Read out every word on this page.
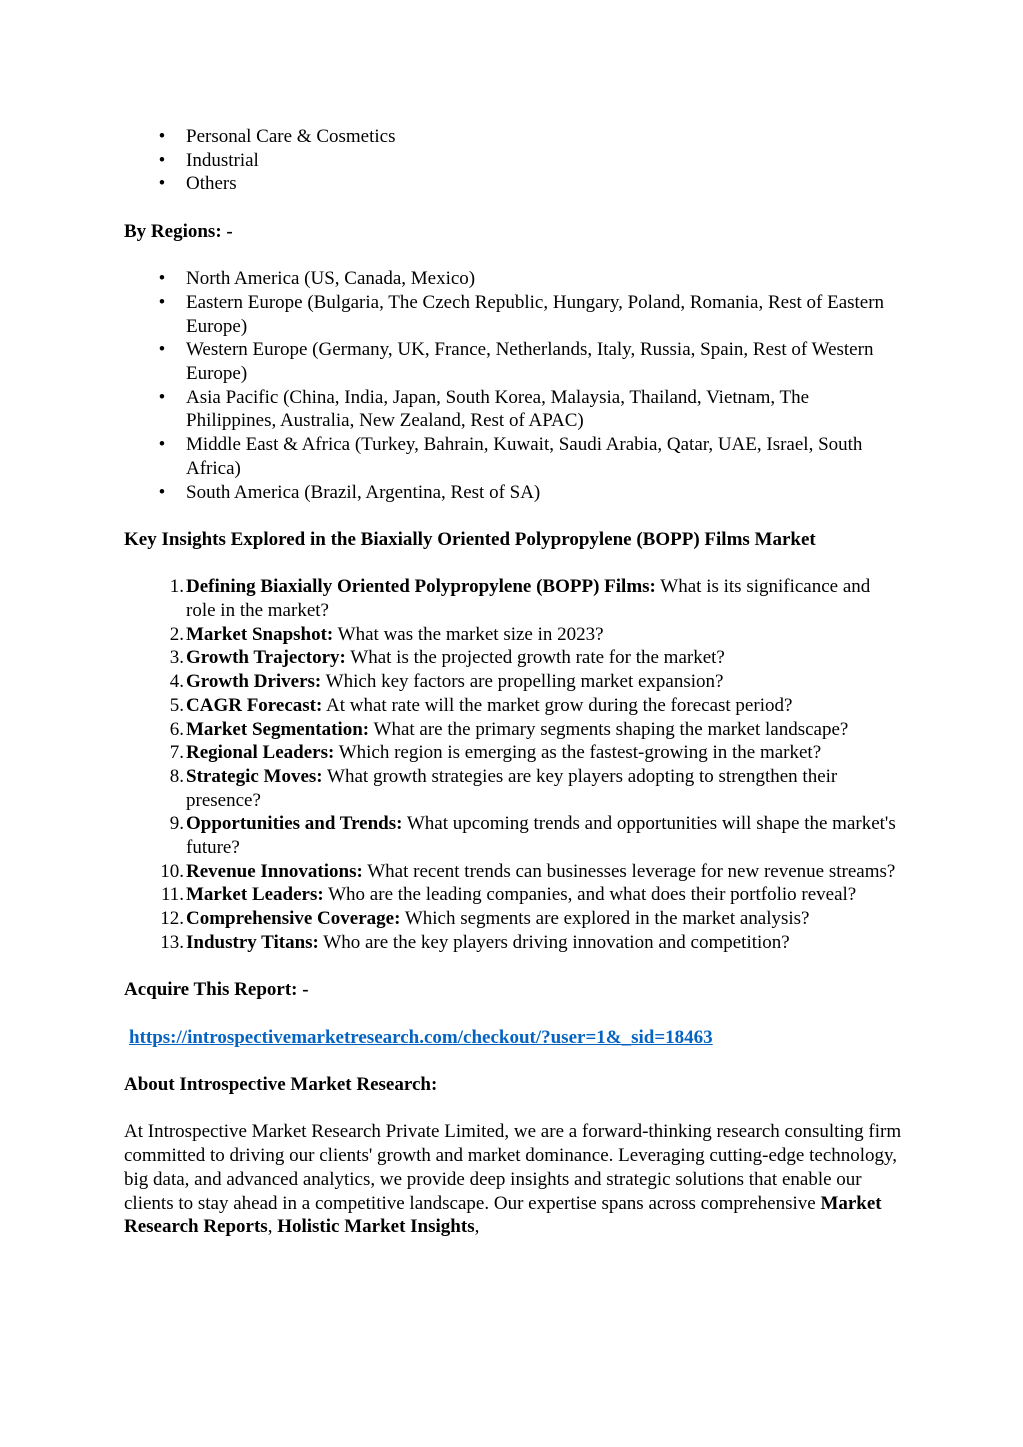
• Personal Care & Cosmetics
• Industrial
• Others

By Regions: -

• North America (US, Canada, Mexico)
• Eastern Europe (Bulgaria, The Czech Republic, Hungary, Poland, Romania, Rest of Eastern Europe)
• Western Europe (Germany, UK, France, Netherlands, Italy, Russia, Spain, Rest of Western Europe)
• Asia Pacific (China, India, Japan, South Korea, Malaysia, Thailand, Vietnam, The Philippines, Australia, New Zealand, Rest of APAC)
• Middle East & Africa (Turkey, Bahrain, Kuwait, Saudi Arabia, Qatar, UAE, Israel, South Africa)
• South America (Brazil, Argentina, Rest of SA)

Key Insights Explored in the Biaxially Oriented Polypropylene (BOPP) Films Market

1. Defining Biaxially Oriented Polypropylene (BOPP) Films: What is its significance and role in the market?
2. Market Snapshot: What was the market size in 2023?
3. Growth Trajectory: What is the projected growth rate for the market?
4. Growth Drivers: Which key factors are propelling market expansion?
5. CAGR Forecast: At what rate will the market grow during the forecast period?
6. Market Segmentation: What are the primary segments shaping the market landscape?
7. Regional Leaders: Which region is emerging as the fastest-growing in the market?
8. Strategic Moves: What growth strategies are key players adopting to strengthen their presence?
9. Opportunities and Trends: What upcoming trends and opportunities will shape the market's future?
10. Revenue Innovations: What recent trends can businesses leverage for new revenue streams?
11. Market Leaders: Who are the leading companies, and what does their portfolio reveal?
12. Comprehensive Coverage: Which segments are explored in the market analysis?
13. Industry Titans: Who are the key players driving innovation and competition?

Acquire This Report: -

https://introspectivemarketresearch.com/checkout/?user=1&_sid=18463

About Introspective Market Research:

At Introspective Market Research Private Limited, we are a forward-thinking research consulting firm committed to driving our clients' growth and market dominance. Leveraging cutting-edge technology, big data, and advanced analytics, we provide deep insights and strategic solutions that enable our clients to stay ahead in a competitive landscape. Our expertise spans across comprehensive Market Research Reports, Holistic Market Insights,
